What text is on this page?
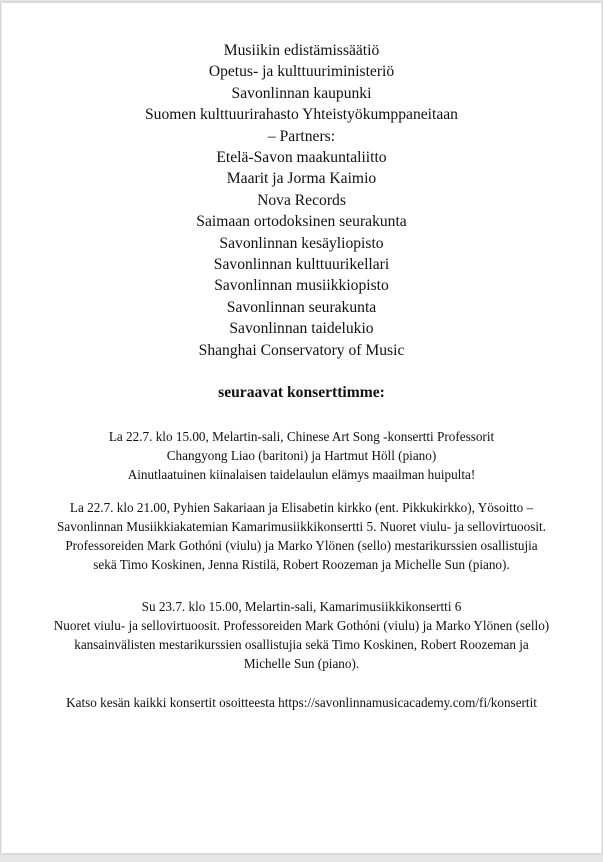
Musiikin edistämissäätiö
Opetus- ja kulttuuriministeriö
Savonlinnan kaupunki
Suomen kulttuurirahasto Yhteistyökumppaneitaan
– Partners:
Etelä-Savon maakuntaliitto
Maarit ja Jorma Kaimio
Nova Records
Saimaan ortodoksinen seurakunta
Savonlinnan kesäyliopisto
Savonlinnan kulttuurikellari
Savonlinnan musiikkiopisto
Savonlinnan seurakunta
Savonlinnan taidelukio
Shanghai Conservatory of Music
seuraavat konserttimme:
La 22.7. klo 15.00, Melartin-sali, Chinese Art Song -konsertti Professorit
Changyong Liao (baritoni) ja Hartmut Höll (piano)
Ainutlaatuinen kiinalaisen taidelaulun elämys maailman huipulta!
La 22.7. klo 21.00, Pyhien Sakariaan ja Elisabetin kirkko (ent. Pikkukirkko), Yösoitto –
Savonlinnan Musiikkiakatemian Kamarimusiikkikonsertti 5. Nuoret viulu- ja sellovirtuoosit.
Professoreiden Mark Gothóni (viulu) ja Marko Ylönen (sello) mestarikurssien osallistujia
sekä Timo Koskinen, Jenna Ristilä, Robert Roozeman ja Michelle Sun (piano).
Su 23.7. klo 15.00, Melartin-sali, Kamarimusiikkikonsertti 6
Nuoret viulu- ja sellovirtuoosit. Professoreiden Mark Gothóni (viulu) ja Marko Ylönen (sello)
kansainvälisten mestarikurssien osallistujia sekä Timo Koskinen, Robert Roozeman ja
Michelle Sun (piano).
Katso kesän kaikki konsertit osoitteesta https://savonlinnamusicacademy.com/fi/konsertit
